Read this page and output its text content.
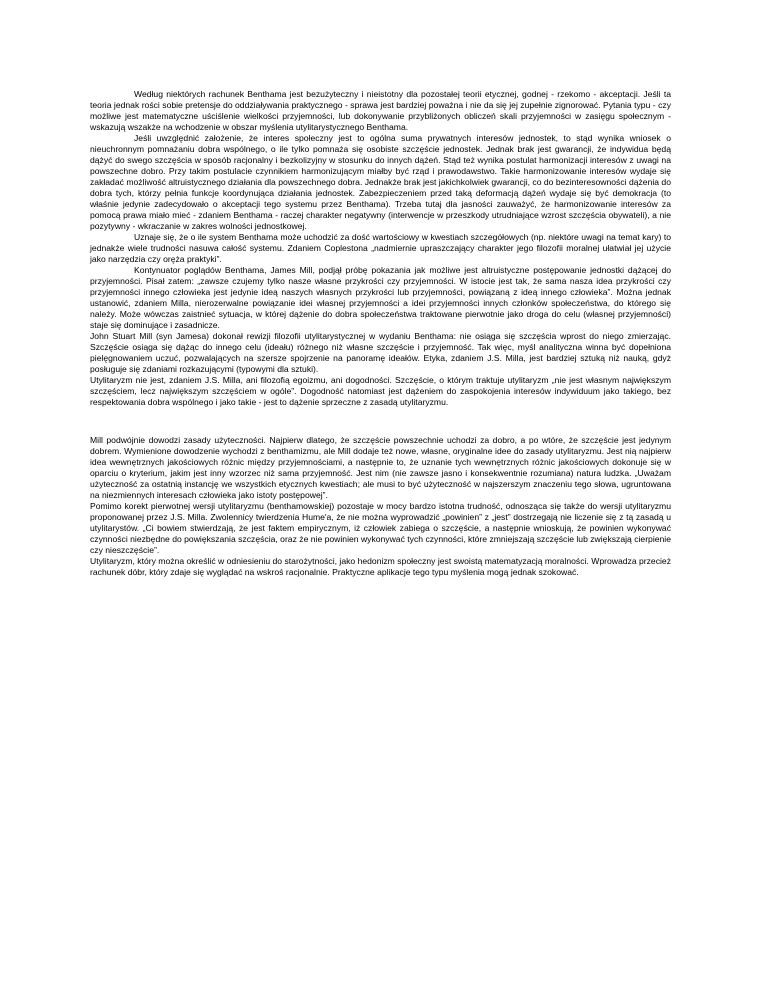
Według niektórych rachunek Benthama jest bezużyteczny i nieistotny dla pozostałej teorii etycznej, godnej - rzekomo - akceptacji. Jeśli ta teoria jednak rości sobie pretensje do oddziaływania praktycznego - sprawa jest bardziej poważna i nie da się jej zupełnie zignorować. Pytania typu - czy możliwe jest matematyczne uściślenie wielkości przyjemności, lub dokonywanie przybliżonych obliczeń skali przyjemności w zasięgu społecznym - wskazują wszakże na wchodzenie w obszar myślenia utylitarystycznego Benthama.

Jeśli uwzględnić założenie, że interes społeczny jest to ogólna suma prywatnych interesów jednostek, to stąd wynika wniosek o nieuchronnym pomnażaniu dobra wspólnego, o ile tylko pomnaża się osobiste szczęście jednostek. Jednak brak jest gwarancji, że indywidua będą dążyć do swego szczęścia w sposób racjonalny i bezkolizyjny w stosunku do innych dążeń. Stąd też wynika postulat harmonizacji interesów z uwagi na powszechne dobro. Przy takim postulacie czynnikiem harmonizującym miałby być rząd i prawodawstwo. Takie harmonizowanie interesów wydaje się zakładać możliwość altruistycznego działania dla powszechnego dobra. Jednakże brak jest jakichkolwiek gwarancji, co do bezinteresowności dążenia do dobra tych, którzy pełnia funkcje koordynująca działania jednostek. Zabezpieczeniem przed taką deformacją dążeń wydaje się być demokracja (to właśnie jedynie zadecydowało o akceptacji tego systemu przez Benthama). Trzeba tutaj dla jasności zauważyć, że harmonizowanie interesów za pomocą prawa miało mieć - zdaniem Benthama - raczej charakter negatywny (interwencje w przeszkody utrudniające wzrost szczęścia obywateli), a nie pozytywny - wkraczanie w zakres wolności jednostkowej.

Uznaje się, że o ile system Benthama może uchodzić za dość wartościowy w kwestiach szczegółowych (np. niektóre uwagi na temat kary) to jednakże wiele trudności nasuwa całość systemu. Zdaniem Coplestona „nadmiernie upraszczający charakter jego filozofii moralnej ułatwiał jej użycie jako narzędzia czy oręża praktyki”.

Kontynuator poglądów Benthama, James Mill, podjął próbę pokazania jak możliwe jest altruistyczne postępowanie jednostki dążącej do przyjemności. Pisał zatem: „zawsze czujemy tylko nasze własne przykrości czy przyjemności. W istocie jest tak, że sama nasza idea przykrości czy przyjemności innego człowieka jest jedynie ideą naszych własnych przykrości lub przyjemności, powiązaną z ideą innego człowieka”. Można jednak ustanowić, zdaniem Milla, nierozerwalne powiązanie idei własnej przyjemności a idei przyjemności innych członków społeczeństwa, do którego się należy. Może wówczas zaistnieć sytuacja, w której dążenie do dobra społeczeństwa traktowane pierwotnie jako droga do celu (własnej przyjemności) staje się dominujące i zasadnicze.

John Stuart Mill (syn Jamesa) dokonał rewizji filozofii utylitarystycznej w wydaniu Benthama: nie osiąga się szczęścia wprost do niego zmierzając. Szczęście osiąga się dążąc do innego celu (ideału) różnego niż własne szczęście i przyjemność. Tak więc, myśl analityczna winna być dopełniona pielęgnowaniem uczuć, pozwalających na szersze spojrzenie na panoramę ideałów. Etyka, zdaniem J.S. Milla, jest bardziej sztuką niż nauką, gdyż posługuje się zdaniami rozkazującymi (typowymi dla sztuki).

Utylitaryzm nie jest, zdaniem J.S. Milla, ani filozofią egoizmu, ani dogodności. Szczęście, o którym traktuje utylitaryzm „nie jest własnym największym szczęściem, lecz największym szczęściem w ogóle”. Dogodność natomiast jest dążeniem do zaspokojenia interesów indywiduum jako takiego, bez respektowania dobra wspólnego i jako takie - jest to dążenie sprzeczne z zasadą utylitaryzmu.

Mill podwójnie dowodzi zasady użyteczności. Najpierw dlatego, że szczęście powszechnie uchodzi za dobro, a po wtóre, że szczęście jest jedynym dobrem. Wymienione dowodzenie wychodzi z benthamizmu, ale Mill dodaje też nowe, własne, oryginalne idee do zasady utylitaryzmu. Jest nią najpierw idea wewnętrznych jakościowych różnic między przyjemnościami, a następnie to, że uznanie tych wewnętrznych różnic jakościowych dokonuje się w oparciu o kryterium, jakim jest inny wzorzec niż sama przyjemność. Jest nim (nie zawsze jasno i konsekwentnie rozumiana) natura ludzka. „Uważam użyteczność za ostatnią instancję we wszystkich etycznych kwestiach; ale musi to być użyteczność w najszerszym znaczeniu tego słowa, ugruntowana na niezmiennych interesach człowieka jako istoty postępowej”.

Pomimo korekt pierwotnej wersji utylitaryzmu (benthamowskiej) pozostaje w mocy bardzo istotna trudność, odnosząca się także do wersji utylitaryzmu proponowanej przez J.S. Milla. Zwolennicy twierdzenia Hume'a, że nie można wyprowadzić „powinien” z „jest” dostrzegają nie liczenie się z tą zasadą u utylitarystów. „Ci bowiem stwierdzają, że jest faktem empirycznym, iż człowiek zabiega o szczęście, a następnie wnioskują, że powinien wykonywać czynności niezbędne do powiększania szczęścia, oraz że nie powinien wykonywać tych czynności, które zmniejszają szczęście lub zwiększają cierpienie czy nieszczęście”.

Utylitaryzm, który można określić w odniesieniu do starożytności, jako hedonizm społeczny jest swoistą matematyzacją moralności. Wprowadza przecież rachunek dóbr, który zdaje się wyglądać na wskroś racjonalnie. Praktyczne aplikacje tego typu myślenia mogą jednak szokować.
